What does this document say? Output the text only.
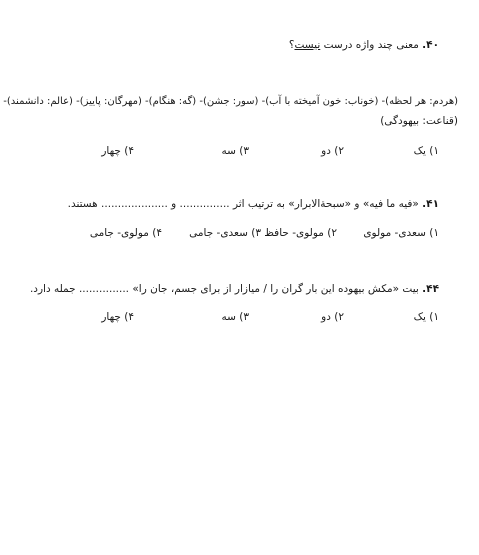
۴۰. معنی چند واژه درست نیست؟
(هردم: هر لحظه)- (خوناب: خون آمیخته با آب)- (سور: جشن)- (گه: هنگام)- (مهرگان: پاییز)- (عالم: دانشمند)-
(قناعت: بیهودگی)
۱) یک
۲) دو
۳) سه
۴) چهار
۴۱. «فیه ما فیه» و «سبحةالابرار» به ترتیب اثر ............... و .................... هستند.
۱) سعدی- مولوی
۲) مولوی- حافظ
۳) سعدی- جامی
۴) مولوی- جامی
۴۴. بیت «مکش بیهوده این بار گران را / میازار از برای جسم، جان را» ............... جمله دارد.
۱) یک
۲) دو
۳) سه
۴) چهار
